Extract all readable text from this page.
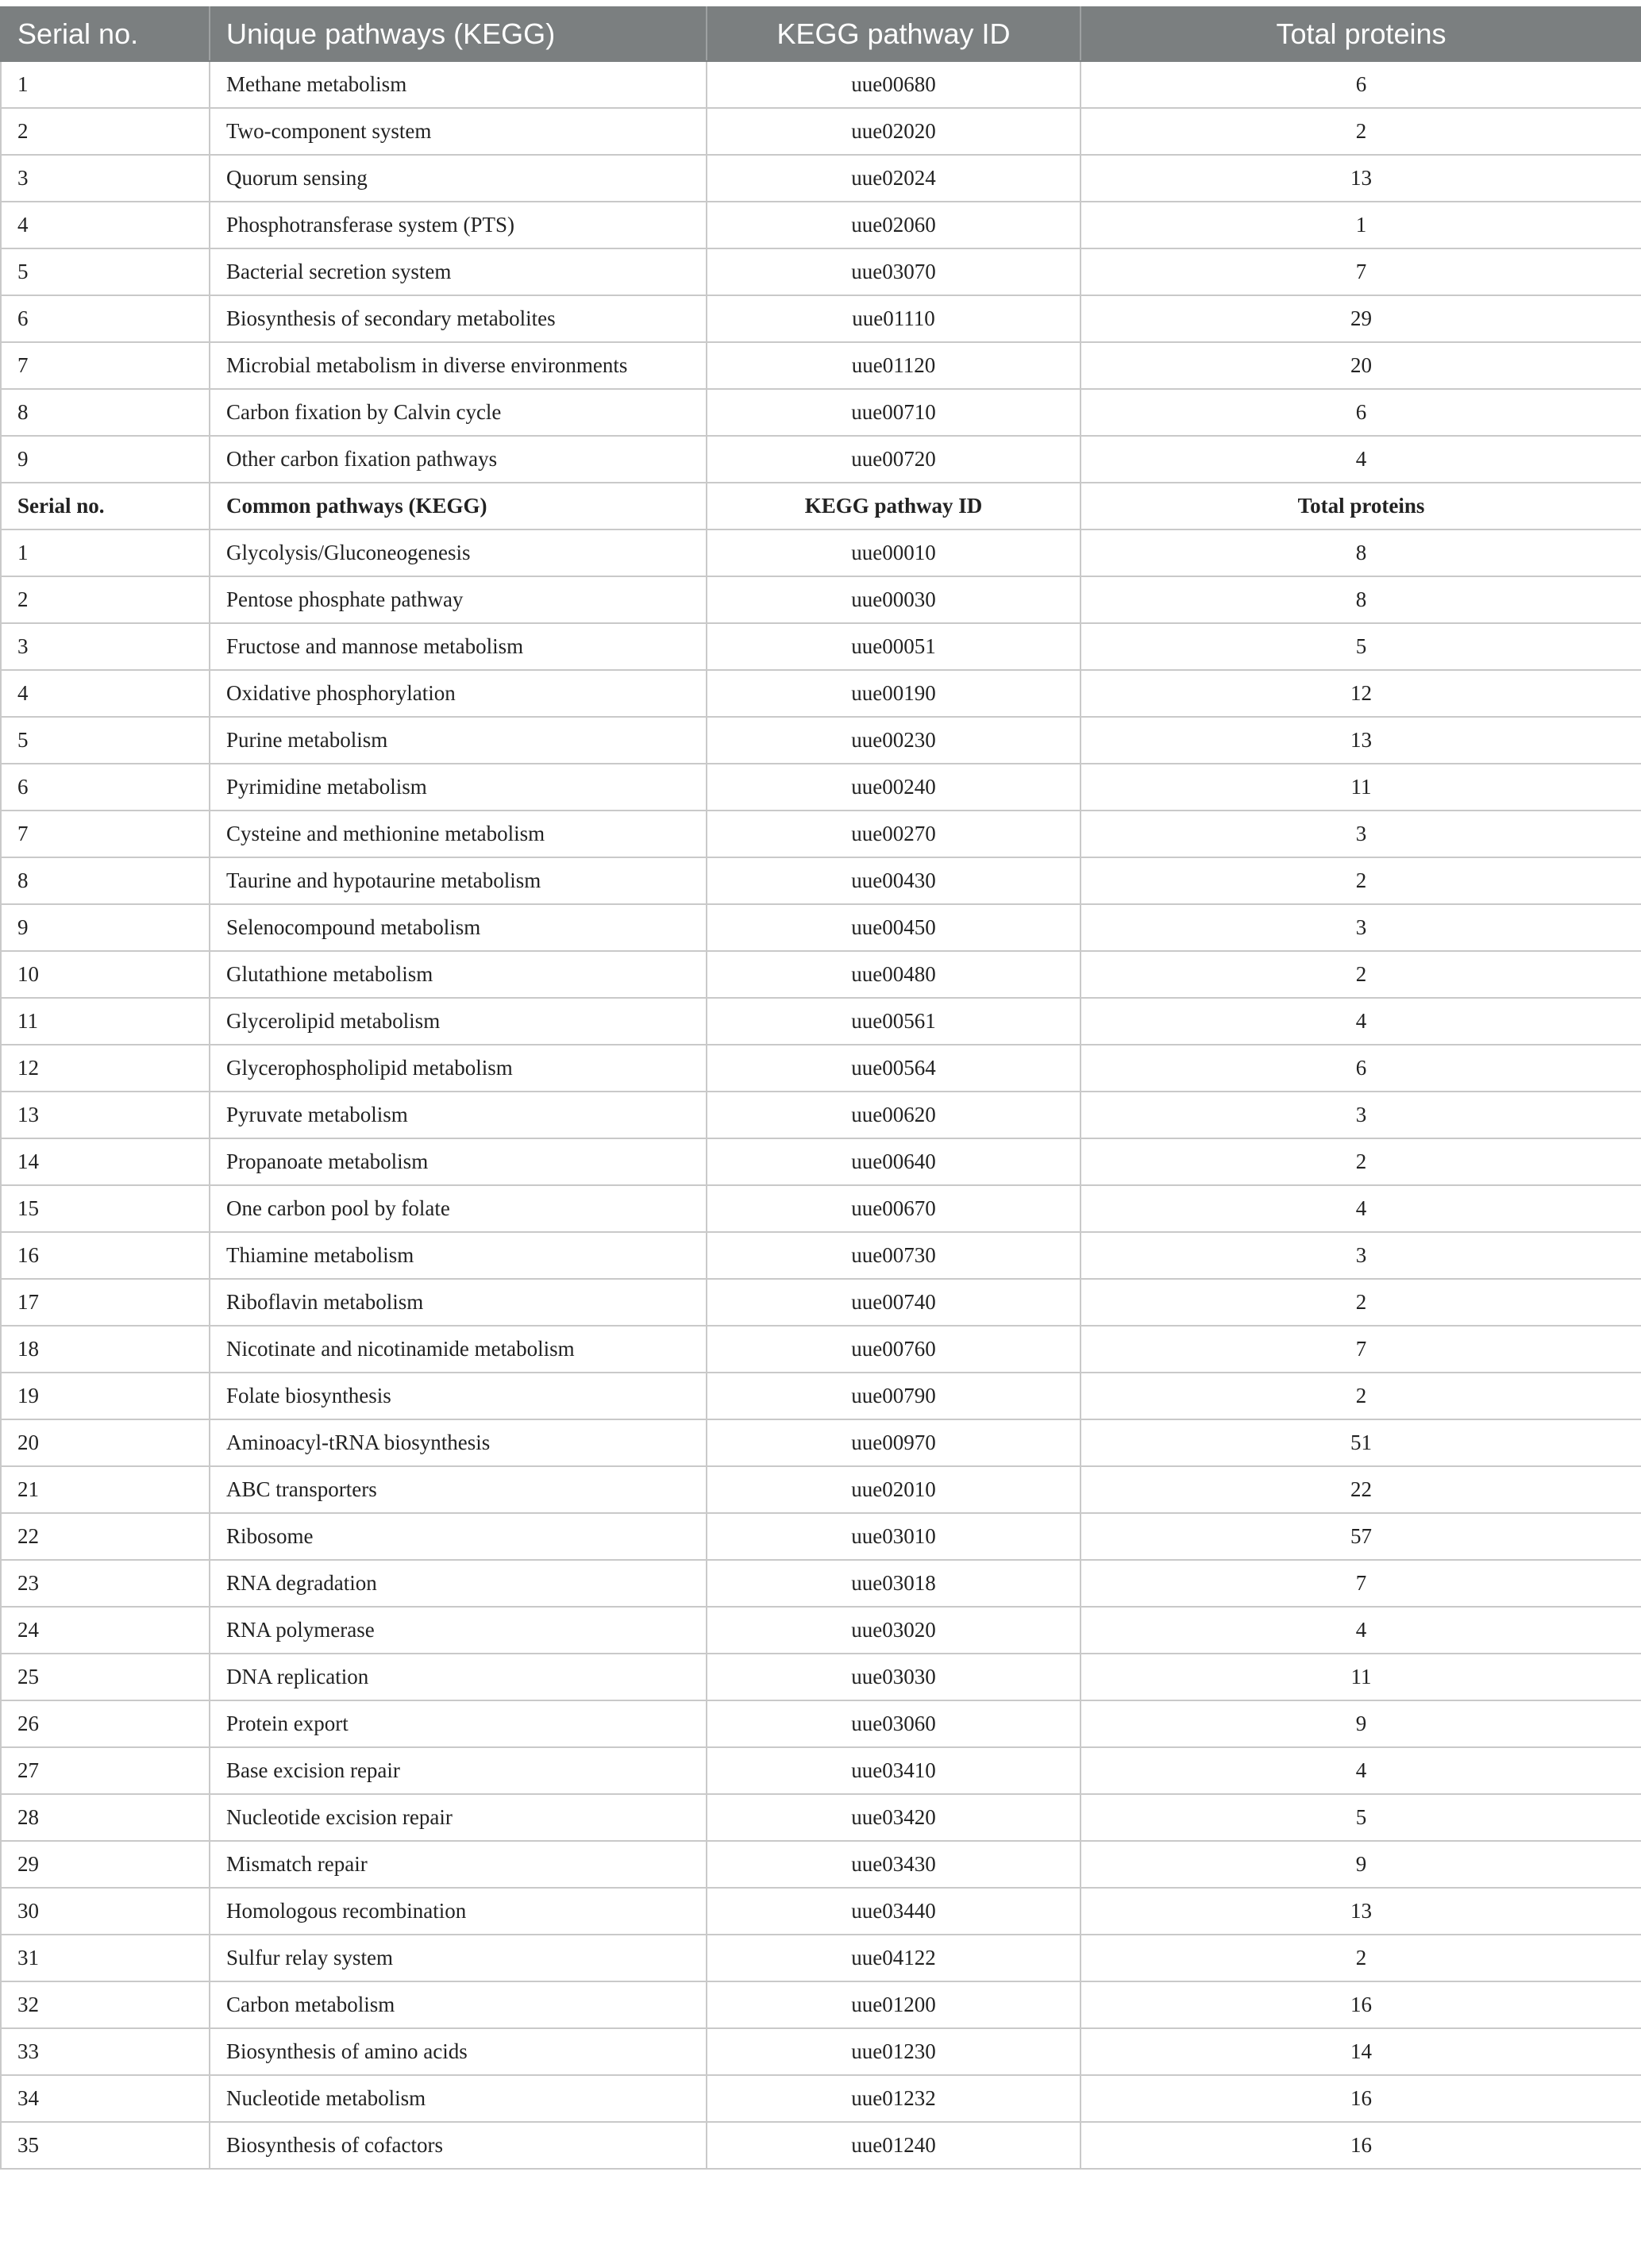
Serial no.	Unique pathways (KEGG)	KEGG pathway ID	Total proteins
1	Methane metabolism	uue00680	6
2	Two-component system	uue02020	2
3	Quorum sensing	uue02024	13
4	Phosphotransferase system (PTS)	uue02060	1
5	Bacterial secretion system	uue03070	7
6	Biosynthesis of secondary metabolites	uue01110	29
7	Microbial metabolism in diverse environments	uue01120	20
8	Carbon fixation by Calvin cycle	uue00710	6
9	Other carbon fixation pathways	uue00720	4
Serial no.	Common pathways (KEGG)	KEGG pathway ID	Total proteins
1	Glycolysis/Gluconeogenesis	uue00010	8
2	Pentose phosphate pathway	uue00030	8
3	Fructose and mannose metabolism	uue00051	5
4	Oxidative phosphorylation	uue00190	12
5	Purine metabolism	uue00230	13
6	Pyrimidine metabolism	uue00240	11
7	Cysteine and methionine metabolism	uue00270	3
8	Taurine and hypotaurine metabolism	uue00430	2
9	Selenocompound metabolism	uue00450	3
10	Glutathione metabolism	uue00480	2
11	Glycerolipid metabolism	uue00561	4
12	Glycerophospholipid metabolism	uue00564	6
13	Pyruvate metabolism	uue00620	3
14	Propanoate metabolism	uue00640	2
15	One carbon pool by folate	uue00670	4
16	Thiamine metabolism	uue00730	3
17	Riboflavin metabolism	uue00740	2
18	Nicotinate and nicotinamide metabolism	uue00760	7
19	Folate biosynthesis	uue00790	2
20	Aminoacyl-tRNA biosynthesis	uue00970	51
21	ABC transporters	uue02010	22
22	Ribosome	uue03010	57
23	RNA degradation	uue03018	7
24	RNA polymerase	uue03020	4
25	DNA replication	uue03030	11
26	Protein export	uue03060	9
27	Base excision repair	uue03410	4
28	Nucleotide excision repair	uue03420	5
29	Mismatch repair	uue03430	9
30	Homologous recombination	uue03440	13
31	Sulfur relay system	uue04122	2
32	Carbon metabolism	uue01200	16
33	Biosynthesis of amino acids	uue01230	14
34	Nucleotide metabolism	uue01232	16
35	Biosynthesis of cofactors	uue01240	16
